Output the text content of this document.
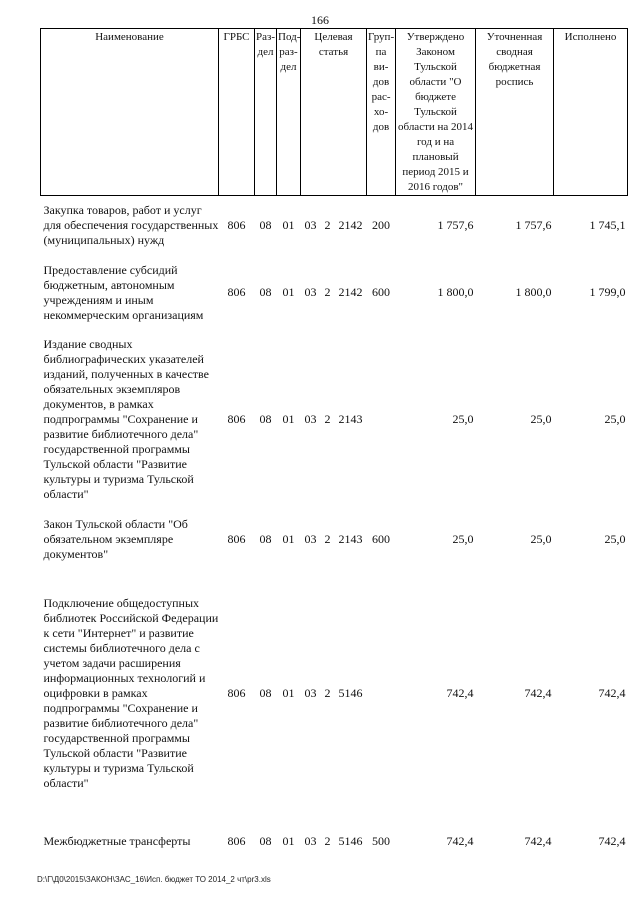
166
Наименование	ГРБС	Раз-дел	Под-раз-дел	Целевая статья			Груп-па ви-дов рас-хо-дов	Утверждено Законом Тульской области "О бюджете Тульской области на 2014 год и на плановый период 2015 и 2016 годов"	Уточненная сводная бюджетная роспись	Исполнено
Закупка товаров, работ и услуг для обеспечения государственных (муниципальных) нужд	806	08	01	03	2	2142	200	1 757,6	1 757,6	1 745,1
Предоставление субсидий бюджетным, автономным учреждениям и иным некоммерческим организациям	806	08	01	03	2	2142	600	1 800,0	1 800,0	1 799,0
Издание сводных библиографических указателей изданий, полученных в качестве обязательных экземпляров документов, в рамках подпрограммы "Сохранение и развитие библиотечного дела" государственной программы Тульской области "Развитие культуры и туризма Тульской области"	806	08	01	03	2	2143		25,0	25,0	25,0
Закон Тульской области "Об обязательном экземпляре документов"	806	08	01	03	2	2143	600	25,0	25,0	25,0
Подключение общедоступных библиотек Российской Федерации к сети "Интернет" и развитие системы библиотечного дела с учетом задачи расширения информационных технологий и оцифровки в рамках подпрограммы "Сохранение и развитие библиотечного дела" государственной программы Тульской области "Развитие культуры и туризма Тульской области"	806	08	01	03	2	5146		742,4	742,4	742,4
Межбюджетные трансферты	806	08	01	03	2	5146	500	742,4	742,4	742,4
D:\Г\Д0\2015\ЗАКОН\ЗАС_16\Исп. бюджет ТО 2014_2 чт\pr3.xls
